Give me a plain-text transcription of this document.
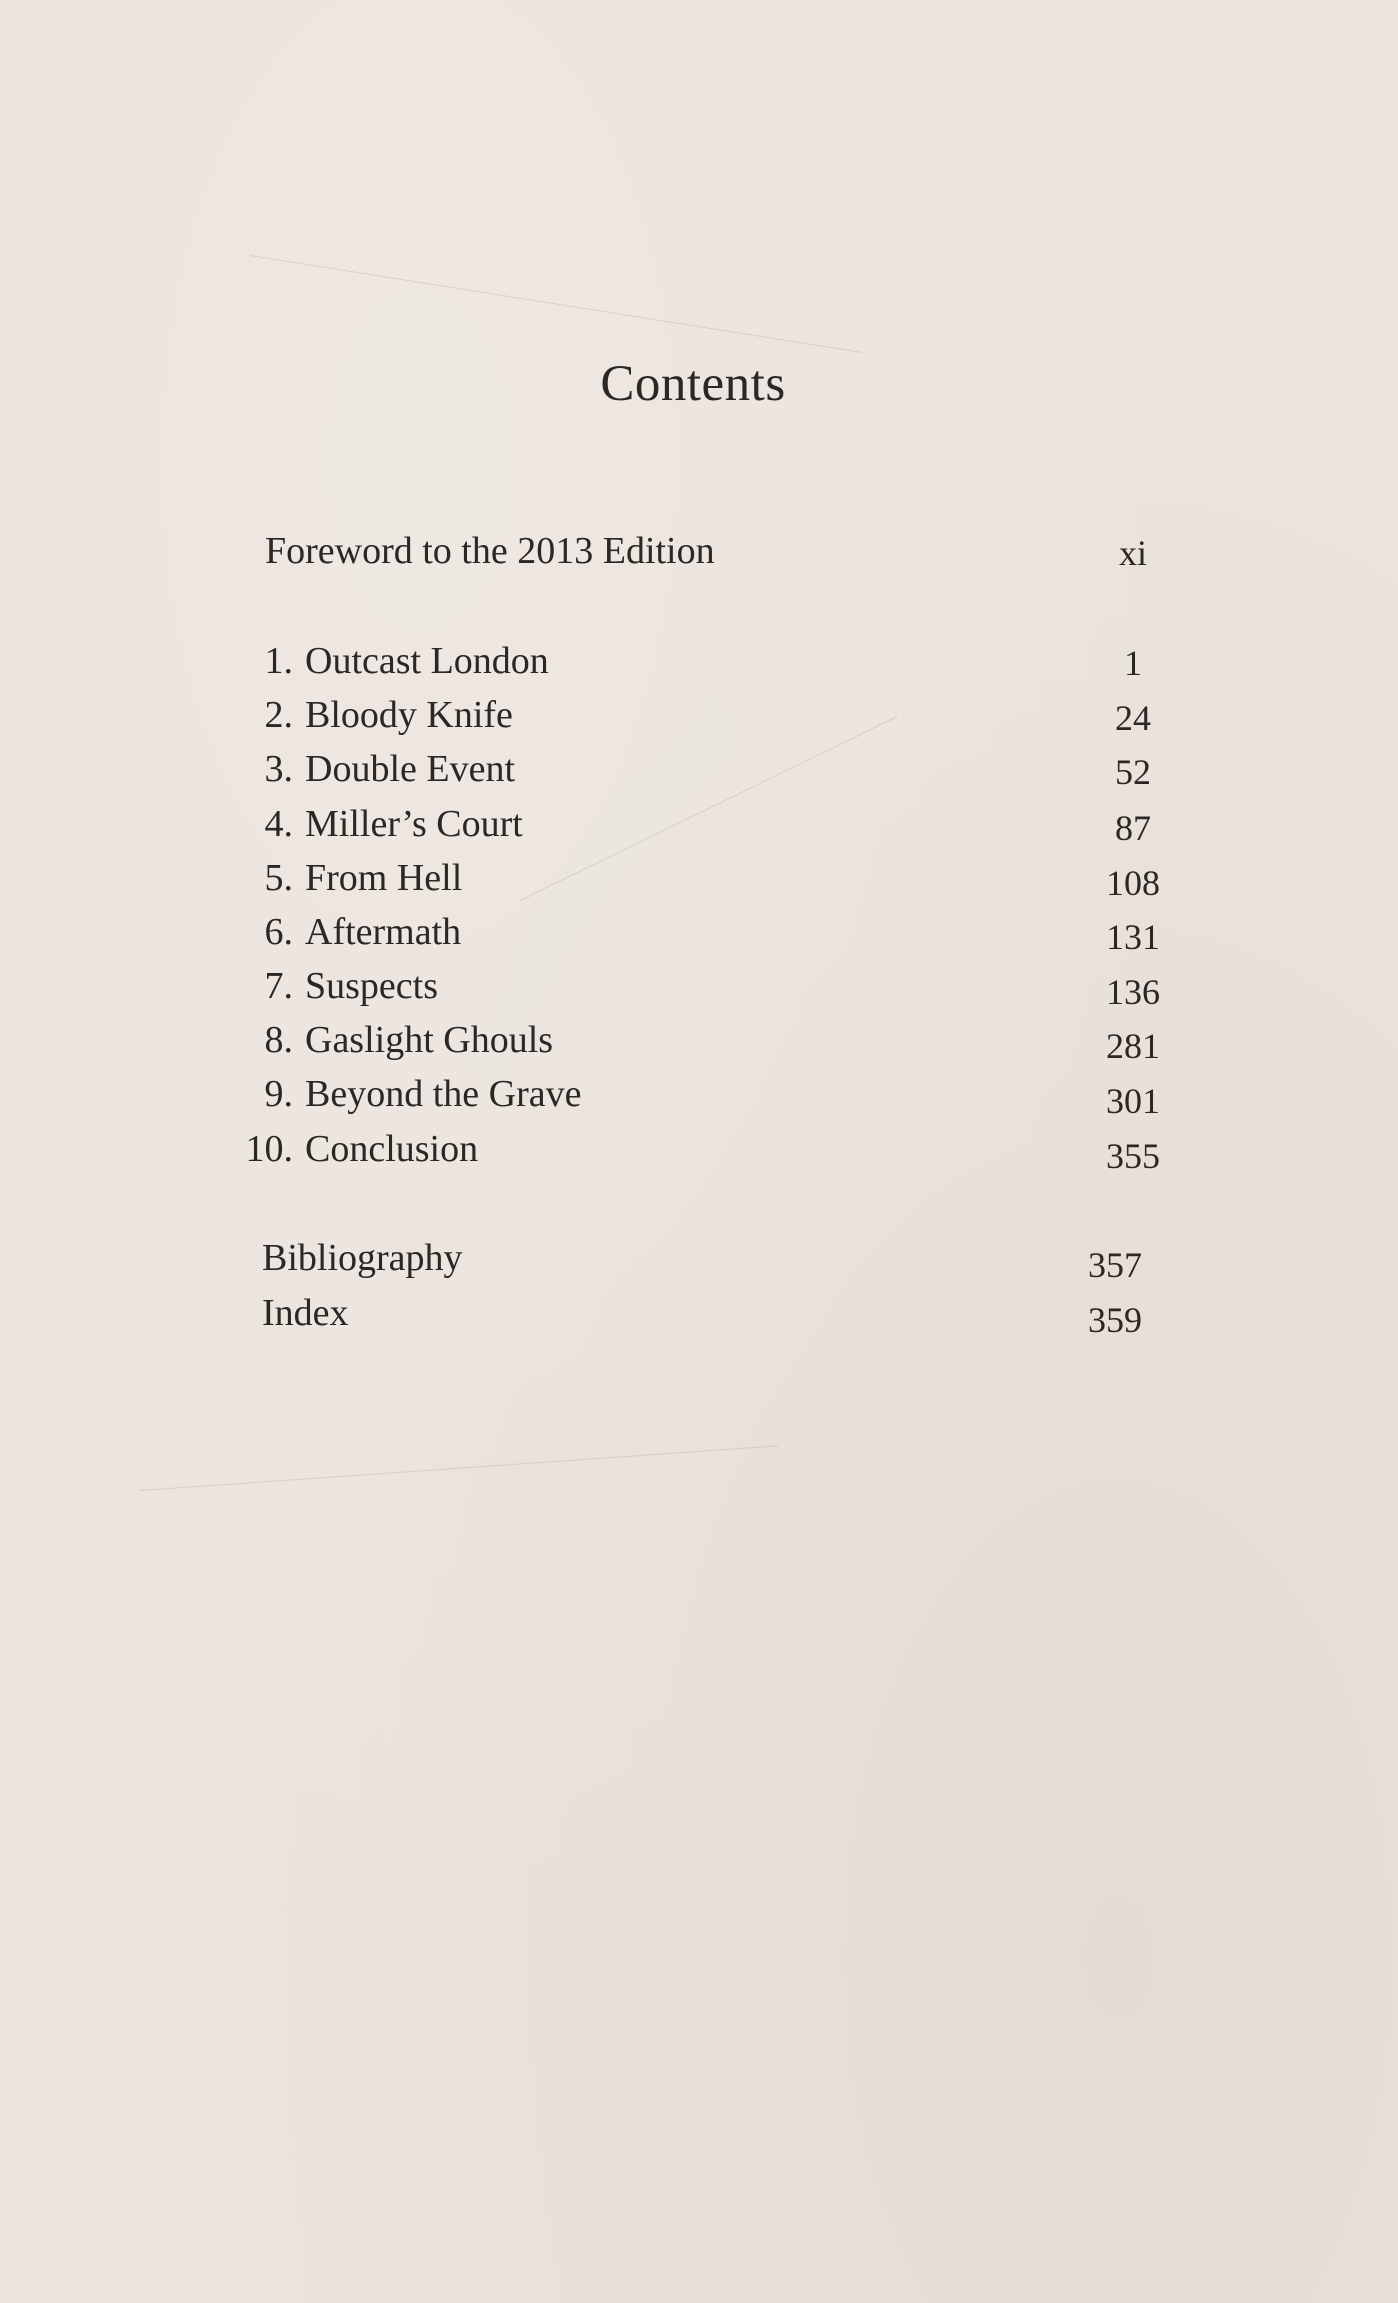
Contents
Foreword to the 2013 Edition	xi
1. Outcast London	1
2. Bloody Knife	24
3. Double Event	52
4. Miller’s Court	87
5. From Hell	108
6. Aftermath	131
7. Suspects	136
8. Gaslight Ghouls	281
9. Beyond the Grave	301
10. Conclusion	355
Bibliography	357
Index	359
